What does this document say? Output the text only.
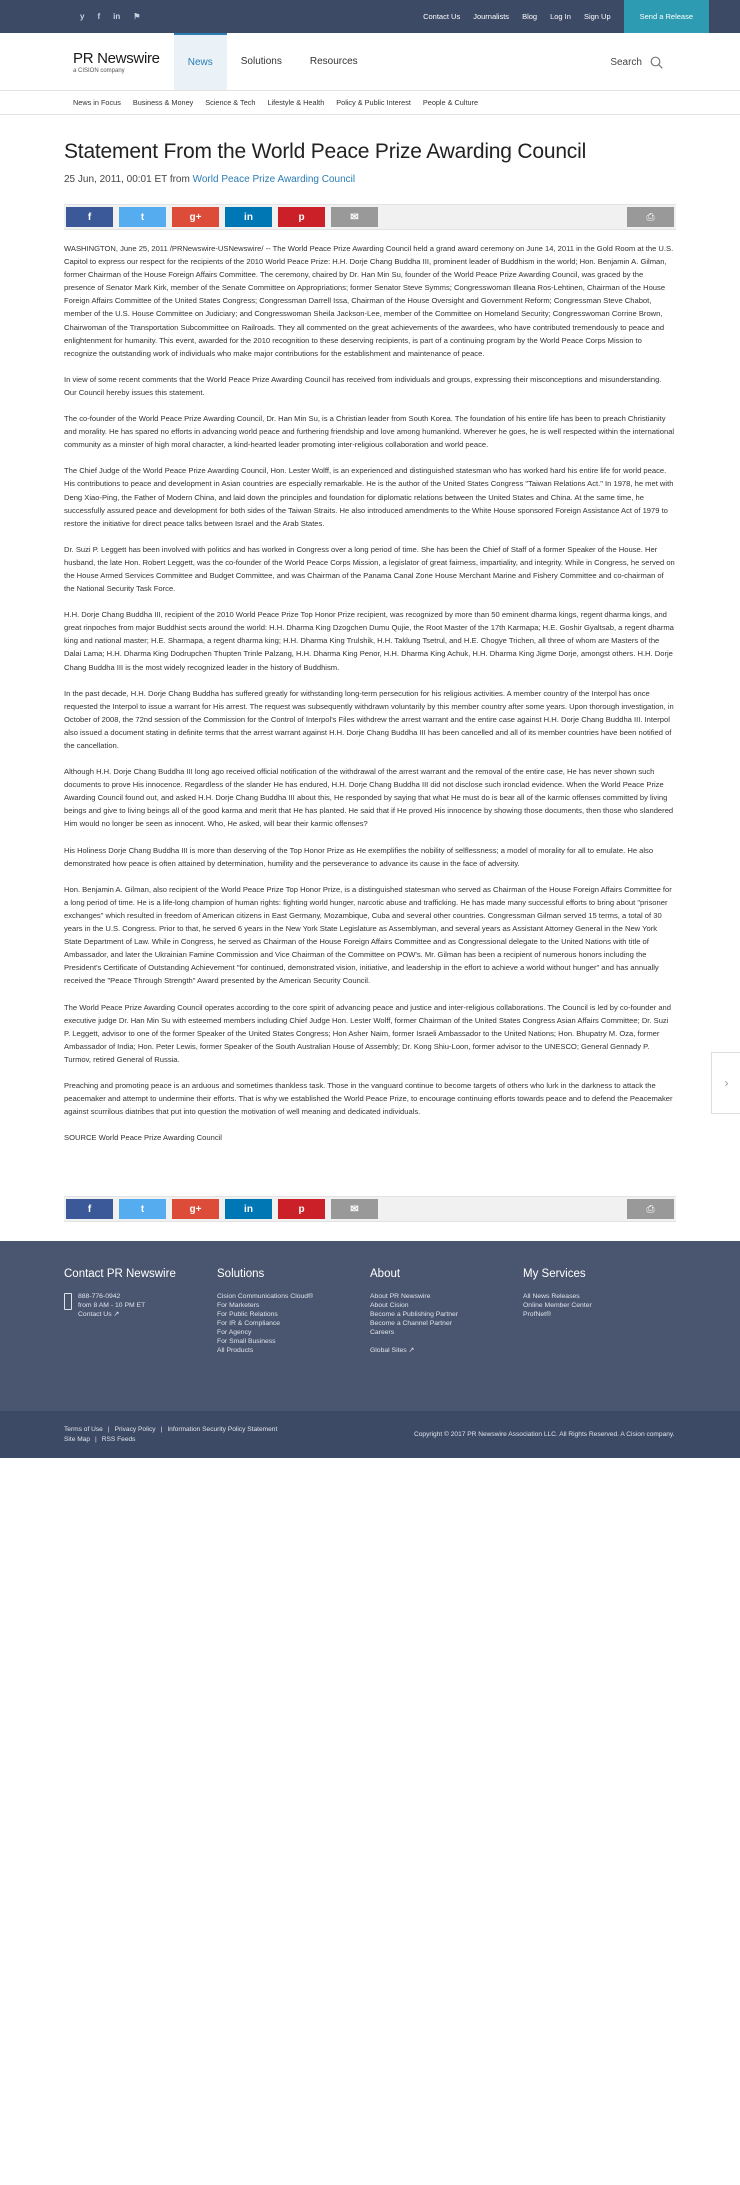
y f in ⚑	Contact Us Journalists Blog Log In Sign Up	Send a Release
PR Newswire
a CISION company
News	Solutions	Resources	Search
News in Focus Business & Money Science & Tech Lifestyle & Health Policy & Public Interest People & Culture
Statement From the World Peace Prize Awarding Council
25 Jun, 2011, 00:01 ET from World Peace Prize Awarding Council
f	t	g+	in	p	✉	⎙

WASHINGTON, June 25, 2011 /PRNewswire-USNewswire/ -- The World Peace Prize Awarding Council held a grand award ceremony on June 14, 2011 in the Gold Room at the U.S. Capitol to express our respect for the recipients of the 2010 World Peace Prize: H.H. Dorje Chang Buddha III, prominent leader of Buddhism in the world; Hon. Benjamin A. Gilman, former Chairman of the House Foreign Affairs Committee. The ceremony, chaired by Dr. Han Min Su, founder of the World Peace Prize Awarding Council, was graced by the presence of Senator Mark Kirk, member of the Senate Committee on Appropriations; former Senator Steve Symms; Congresswoman Illeana Ros-Lehtinen, Chairman of the House Foreign Affairs Committee of the United States Congress; Congressman Darrell Issa, Chairman of the House Oversight and Government Reform; Congressman Steve Chabot, member of the U.S. House Committee on Judiciary; and Congresswoman Sheila Jackson-Lee, member of the Committee on Homeland Security; Congresswoman Corrine Brown, Chairwoman of the Transportation Subcommittee on Railroads. They all commented on the great achievements of the awardees, who have contributed tremendously to peace and enlightenment for humanity. This event, awarded for the 2010 recognition to these deserving recipients, is part of a continuing program by the World Peace Corps Mission to recognize the outstanding work of individuals who make major contributions for the establishment and maintenance of peace.

In view of some recent comments that the World Peace Prize Awarding Council has received from individuals and groups, expressing their misconceptions and misunderstanding. Our Council hereby issues this statement.

The co-founder of the World Peace Prize Awarding Council, Dr. Han Min Su, is a Christian leader from South Korea. The foundation of his entire life has been to preach Christianity and morality. He has spared no efforts in advancing world peace and furthering friendship and love among humankind. Wherever he goes, he is well respected within the international community as a minster of high moral character, a kind-hearted leader promoting inter-religious collaboration and world peace.

The Chief Judge of the World Peace Prize Awarding Council, Hon. Lester Wolff, is an experienced and distinguished statesman who has worked hard his entire life for world peace. His contributions to peace and development in Asian countries are especially remarkable. He is the author of the United States Congress "Taiwan Relations Act." In 1978, he met with Deng Xiao-Ping, the Father of Modern China, and laid down the principles and foundation for diplomatic relations between the United States and China. At the same time, he successfully assured peace and development for both sides of the Taiwan Straits. He also introduced amendments to the White House sponsored Foreign Assistance Act of 1979 to restore the initiative for direct peace talks between Israel and the Arab States.

Dr. Suzi P. Leggett has been involved with politics and has worked in Congress over a long period of time. She has been the Chief of Staff of a former Speaker of the House. Her husband, the late Hon. Robert Leggett, was the co-founder of the World Peace Corps Mission, a legislator of great fairness, impartiality, and integrity. While in Congress, he served on the House Armed Services Committee and Budget Committee, and was Chairman of the Panama Canal Zone House Merchant Marine and Fishery Committee and co-chairman of the National Security Task Force.

H.H. Dorje Chang Buddha III, recipient of the 2010 World Peace Prize Top Honor Prize recipient, was recognized by more than 50 eminent dharma kings, regent dharma kings, and great rinpoches from major Buddhist sects around the world: H.H. Dharma King Dzogchen Dumu Qujie, the Root Master of the 17th Karmapa; H.E. Goshir Gyaltsab, a regent dharma king and national master; H.E. Sharmapa, a regent dharma king; H.H. Dharma King Trulshik, H.H. Taklung Tsetrul, and H.E. Chogye Trichen, all three of whom are Masters of the Dalai Lama; H.H. Dharma King Dodrupchen Thupten Trinle Palzang, H.H. Dharma King Penor, H.H. Dharma King Achuk, H.H. Dharma King Jigme Dorje, amongst others. H.H. Dorje Chang Buddha III is the most widely recognized leader in the history of Buddhism.

In the past decade, H.H. Dorje Chang Buddha has suffered greatly for withstanding long-term persecution for his religious activities. A member country of the Interpol has once requested the Interpol to issue a warrant for His arrest. The request was subsequently withdrawn voluntarily by this member country after some years. Upon thorough investigation, in October of 2008, the 72nd session of the Commission for the Control of Interpol's Files withdrew the arrest warrant and the entire case against H.H. Dorje Chang Buddha III. Interpol also issued a document stating in definite terms that the arrest warrant against H.H. Dorje Chang Buddha III has been cancelled and all of its member countries have been notified of the cancellation.

Although H.H. Dorje Chang Buddha III long ago received official notification of the withdrawal of the arrest warrant and the removal of the entire case, He has never shown such documents to prove His innocence. Regardless of the slander He has endured, H.H. Dorje Chang Buddha III did not disclose such ironclad evidence. When the World Peace Prize Awarding Council found out, and asked H.H. Dorje Chang Buddha III about this, He responded by saying that what He must do is bear all of the karmic offenses committed by living beings and give to living beings all of the good karma and merit that He has planted. He said that if He proved His innocence by showing those documents, then those who slandered Him would no longer be seen as innocent. Who, He asked, will bear their karmic offenses?

His Holiness Dorje Chang Buddha III is more than deserving of the Top Honor Prize as He exemplifies the nobility of selflessness; a model of morality for all to emulate. He also demonstrated how peace is often attained by determination, humility and the perseverance to advance its cause in the face of adversity.

Hon. Benjamin A. Gilman, also recipient of the World Peace Prize Top Honor Prize, is a distinguished statesman who served as Chairman of the House Foreign Affairs Committee for a long period of time. He is a life-long champion of human rights: fighting world hunger, narcotic abuse and trafficking. He has made many successful efforts to bring about "prisoner exchanges" which resulted in freedom of American citizens in East Germany, Mozambique, Cuba and several other countries. Congressman Gilman served 15 terms, a total of 30 years in the U.S. Congress. Prior to that, he served 6 years in the New York State Legislature as Assemblyman, and several years as Assistant Attorney General in the New York State Department of Law. While in Congress, he served as Chairman of the House Foreign Affairs Committee and as Congressional delegate to the United Nations with title of Ambassador, and later the Ukrainian Famine Commission and Vice Chairman of the Committee on POW's. Mr. Gilman has been a recipient of numerous honors including the President's Certificate of Outstanding Achievement "for continued, demonstrated vision, initiative, and leadership in the effort to achieve a world without hunger" and has annually received the "Peace Through Strength" Award presented by the American Security Council.

The World Peace Prize Awarding Council operates according to the core spirit of advancing peace and justice and inter-religious collaborations. The Council is led by co-founder and executive judge Dr. Han Min Su with esteemed members including Chief Judge Hon. Lester Wolff, former Chairman of the United States Congress Asian Affairs Committee; Dr. Suzi P. Leggett, advisor to one of the former Speaker of the United States Congress; Hon Asher Naim, former Israeli Ambassador to the United Nations; Hon. Bhupatry M. Oza, former Ambassador of India; Hon. Peter Lewis, former Speaker of the South Australian House of Assembly; Dr. Kong Shiu-Loon, former advisor to the UNESCO; General Gennady P. Turmov, retired General of Russia.

Preaching and promoting peace is an arduous and sometimes thankless task. Those in the vanguard continue to become targets of others who lurk in the darkness to attack the peacemaker and attempt to undermine their efforts. That is why we established the World Peace Prize, to encourage continuing efforts towards peace and to defend the Peacemaker against scurrilous diatribes that put into question the motivation of well meaning and dedicated individuals.

SOURCE World Peace Prize Awarding Council

f	t	g+	in	p	✉	⎙
›
Contact PR Newswire
888-776-0942
from 8 AM - 10 PM ET
Contact Us ↗
Solutions
Cision Communications Cloud®
For Marketers
For Public Relations
For IR & Compliance
For Agency
For Small Business
All Products
About
About PR Newswire
About Cision
Become a Publishing Partner
Become a Channel Partner
Careers
Global Sites ↗
My Services
All News Releases
Online Member Center
ProfNet®
Terms of Use | Privacy Policy | Information Security Policy Statement
Site Map | RSS Feeds
Copyright © 2017 PR Newswire Association LLC. All Rights Reserved. A Cision company.
